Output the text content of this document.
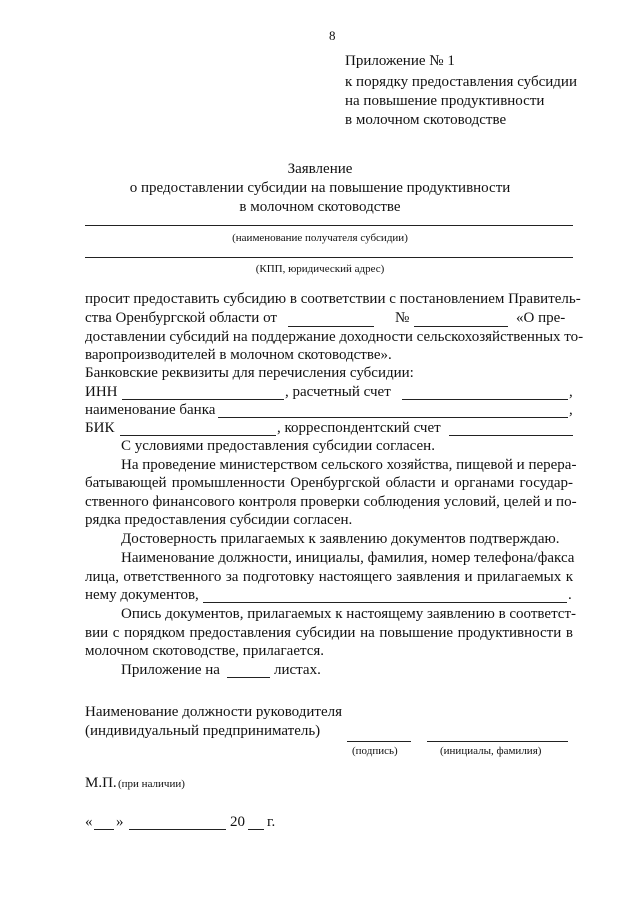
8
Приложение № 1
к порядку предоставления субсидии
на повышение продуктивности
в молочном скотоводстве
Заявление
о предоставлении субсидии на повышение продуктивности
в молочном скотоводстве
(наименование получателя субсидии)
(КПП, юридический адрес)
просит предоставить субсидию в соответствии с постановлением Правитель-
ства Оренбургской области от	№	«О пре-
доставлении субсидий на поддержание доходности сельскохозяйственных то-
варопроизводителей в молочном скотоводстве».
Банковские реквизиты для перечисления субсидии:
ИНН	, расчетный счет	,
наименование банка	,
БИК	, корреспондентский счет
С условиями предоставления субсидии согласен.
На проведение министерством сельского хозяйства, пищевой и перера-
батывающей промышленности Оренбургской области и органами государ-
ственного финансового контроля проверки соблюдения условий, целей и по-
рядка предоставления субсидии согласен.
Достоверность прилагаемых к заявлению документов подтверждаю.
Наименование должности, инициалы, фамилия, номер телефона/факса
лица, ответственного за подготовку настоящего заявления и прилагаемых к
нему документов,	.
Опись документов, прилагаемых к настоящему заявлению в соответст-
вии с порядком предоставления субсидии на повышение продуктивности в
молочном скотоводстве, прилагается.
Приложение на	листах.
Наименование должности руководителя
(индивидуальный предприниматель)
(подпись)	(инициалы, фамилия)
М.П. (при наличии)
« »	20 г.
